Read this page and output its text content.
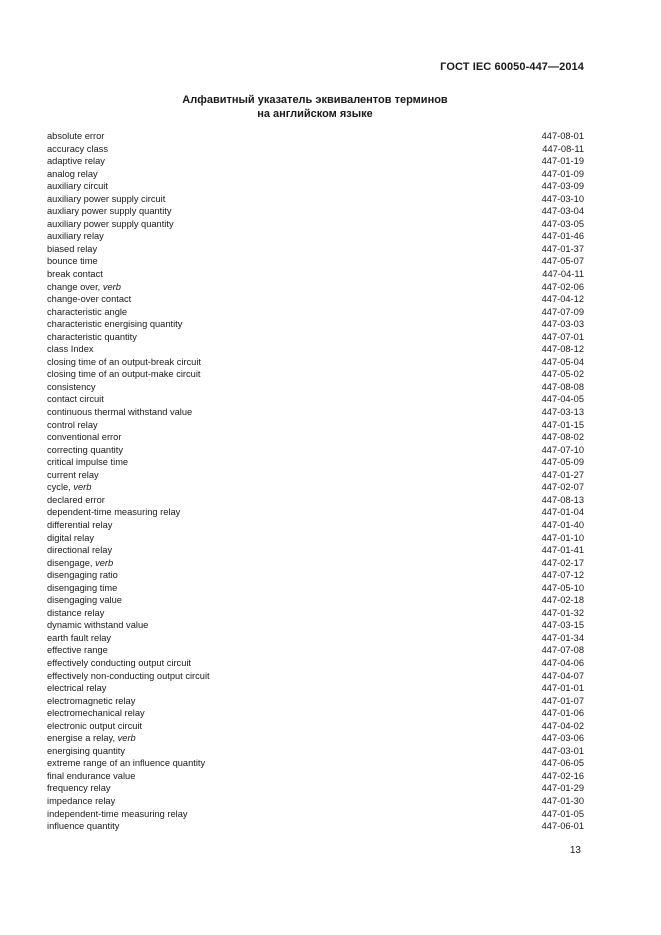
ГОСТ IEC 60050-447—2014
Алфавитный указатель эквивалентов терминов
на английском языке
absolute error	447-08-01
accuracy class	447-08-11
adaptive relay	447-01-19
analog relay	447-01-09
auxiliary circuit	447-03-09
auxiliary power supply circuit	447-03-10
auxliary power supply quantity	447-03-04
auxiliary power supply quantity	447-03-05
auxiliary relay	447-01-46
biased relay	447-01-37
bounce time	447-05-07
break contact	447-04-11
change over, verb	447-02-06
change-over contact	447-04-12
characteristic angle	447-07-09
characteristic energising quantity	447-03-03
characteristic quantity	447-07-01
class Index	447-08-12
closing time of an output-break circuit	447-05-04
closing time of an output-make circuit	447-05-02
consistency	447-08-08
contact circuit	447-04-05
continuous thermal withstand value	447-03-13
control relay	447-01-15
conventional error	447-08-02
correcting quantity	447-07-10
critical impulse time	447-05-09
current relay	447-01-27
cycle, verb	447-02-07
declared error	447-08-13
dependent-time measuring relay	447-01-04
differential relay	447-01-40
digital relay	447-01-10
directional relay	447-01-41
disengage, verb	447-02-17
disengaging ratio	447-07-12
disengaging time	447-05-10
disengaging value	447-02-18
distance relay	447-01-32
dynamic withstand value	447-03-15
earth fault relay	447-01-34
effective range	447-07-08
effectively conducting output circuit	447-04-06
effectively non-conducting output circuit	447-04-07
electrical relay	447-01-01
electromagnetic relay	447-01-07
electromechanical relay	447-01-06
electronic output circuit	447-04-02
energise a relay, verb	447-03-06
energising quantity	447-03-01
extreme range of an influence quantity	447-06-05
final endurance value	447-02-16
frequency relay	447-01-29
impedance relay	447-01-30
independent-time measuring relay	447-01-05
influence quantity	447-06-01
13
